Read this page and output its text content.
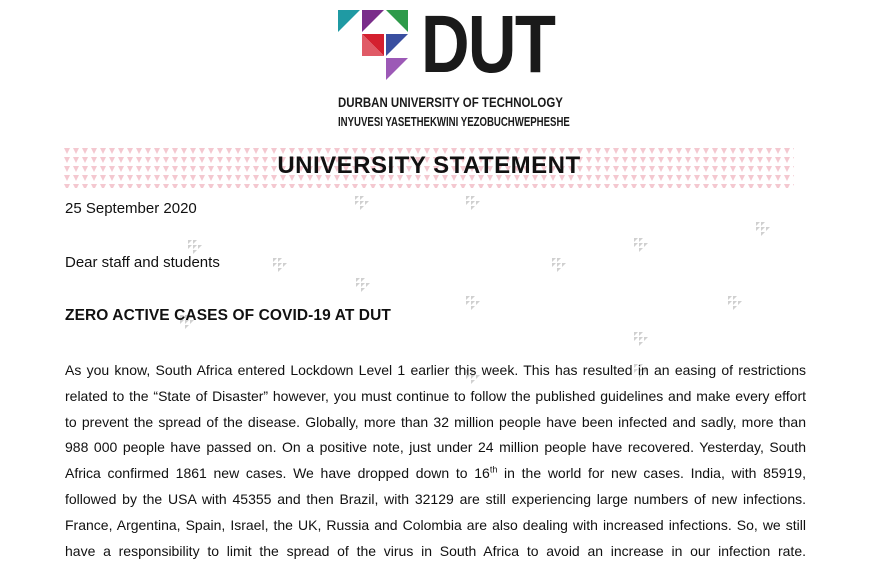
DUT
DURBAN UNIVERSITY OF TECHNOLOGY
INYUVESI YASETHEKWINI YEZOBUCHWEPHESHE
UNIVERSITY STATEMENT
25 September 2020
Dear staff and students
ZERO ACTIVE CASES OF COVID-19 AT DUT
As you know, South Africa entered Lockdown Level 1 earlier this week. This has resulted in an easing of restrictions
related to the “State of Disaster” however, you must continue to follow the published guidelines and make every effort
to prevent the spread of the disease. Globally, more than 32 million people have been infected and sadly, more than
988 000 people have passed on. On a positive note, just under 24 million people have recovered. Yesterday, South
Africa confirmed 1861 new cases. We have dropped down to 16th in the world for new cases. India, with 85919,
followed by the USA with 45355 and then Brazil, with 32129 are still experiencing large numbers of new infections.
France, Argentina, Spain, Israel, the UK, Russia and Colombia are also dealing with increased infections. So, we still
have a responsibility to limit the spread of the virus in South Africa to avoid an increase in our infection rate.
